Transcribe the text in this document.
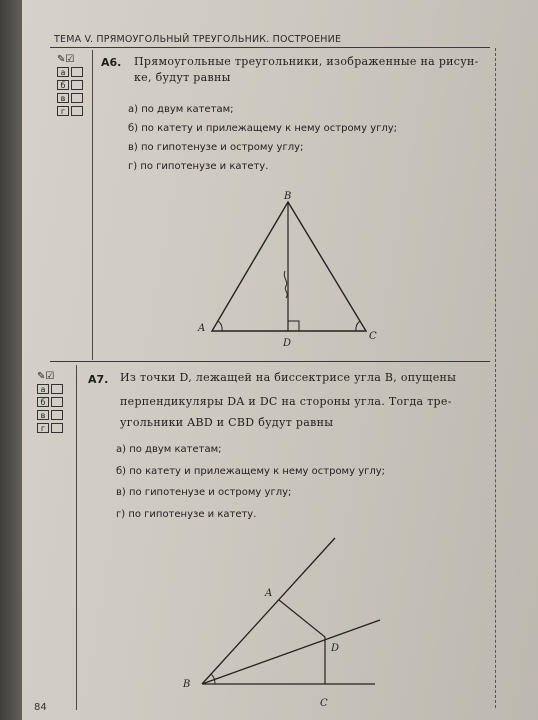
ТЕМА V. ПРЯМОУГОЛЬНЫЙ ТРЕУГОЛЬНИК. ПОСТРОЕНИЕ
✎☑
а
б
в
г
А6. Прямоугольные треугольники, изображенные на рисун-
ке, будут равны
а) по двум катетам;
б) по катету и прилежащему к нему острому углу;
в) по гипотенузе и острому углу;
г) по гипотенузе и катету.
B
A
C
D
✎☑
а
б
в
г
А7. Из точки D, лежащей на биссектрисе угла B, опущены
перпендикуляры DA и DC на стороны угла. Тогда тре-
угольники ABD и CBD будут равны
а) по двум катетам;
б) по катету и прилежащему к нему острому углу;
в) по гипотенузе и острому углу;
г) по гипотенузе и катету.
A
D
B
C
84
